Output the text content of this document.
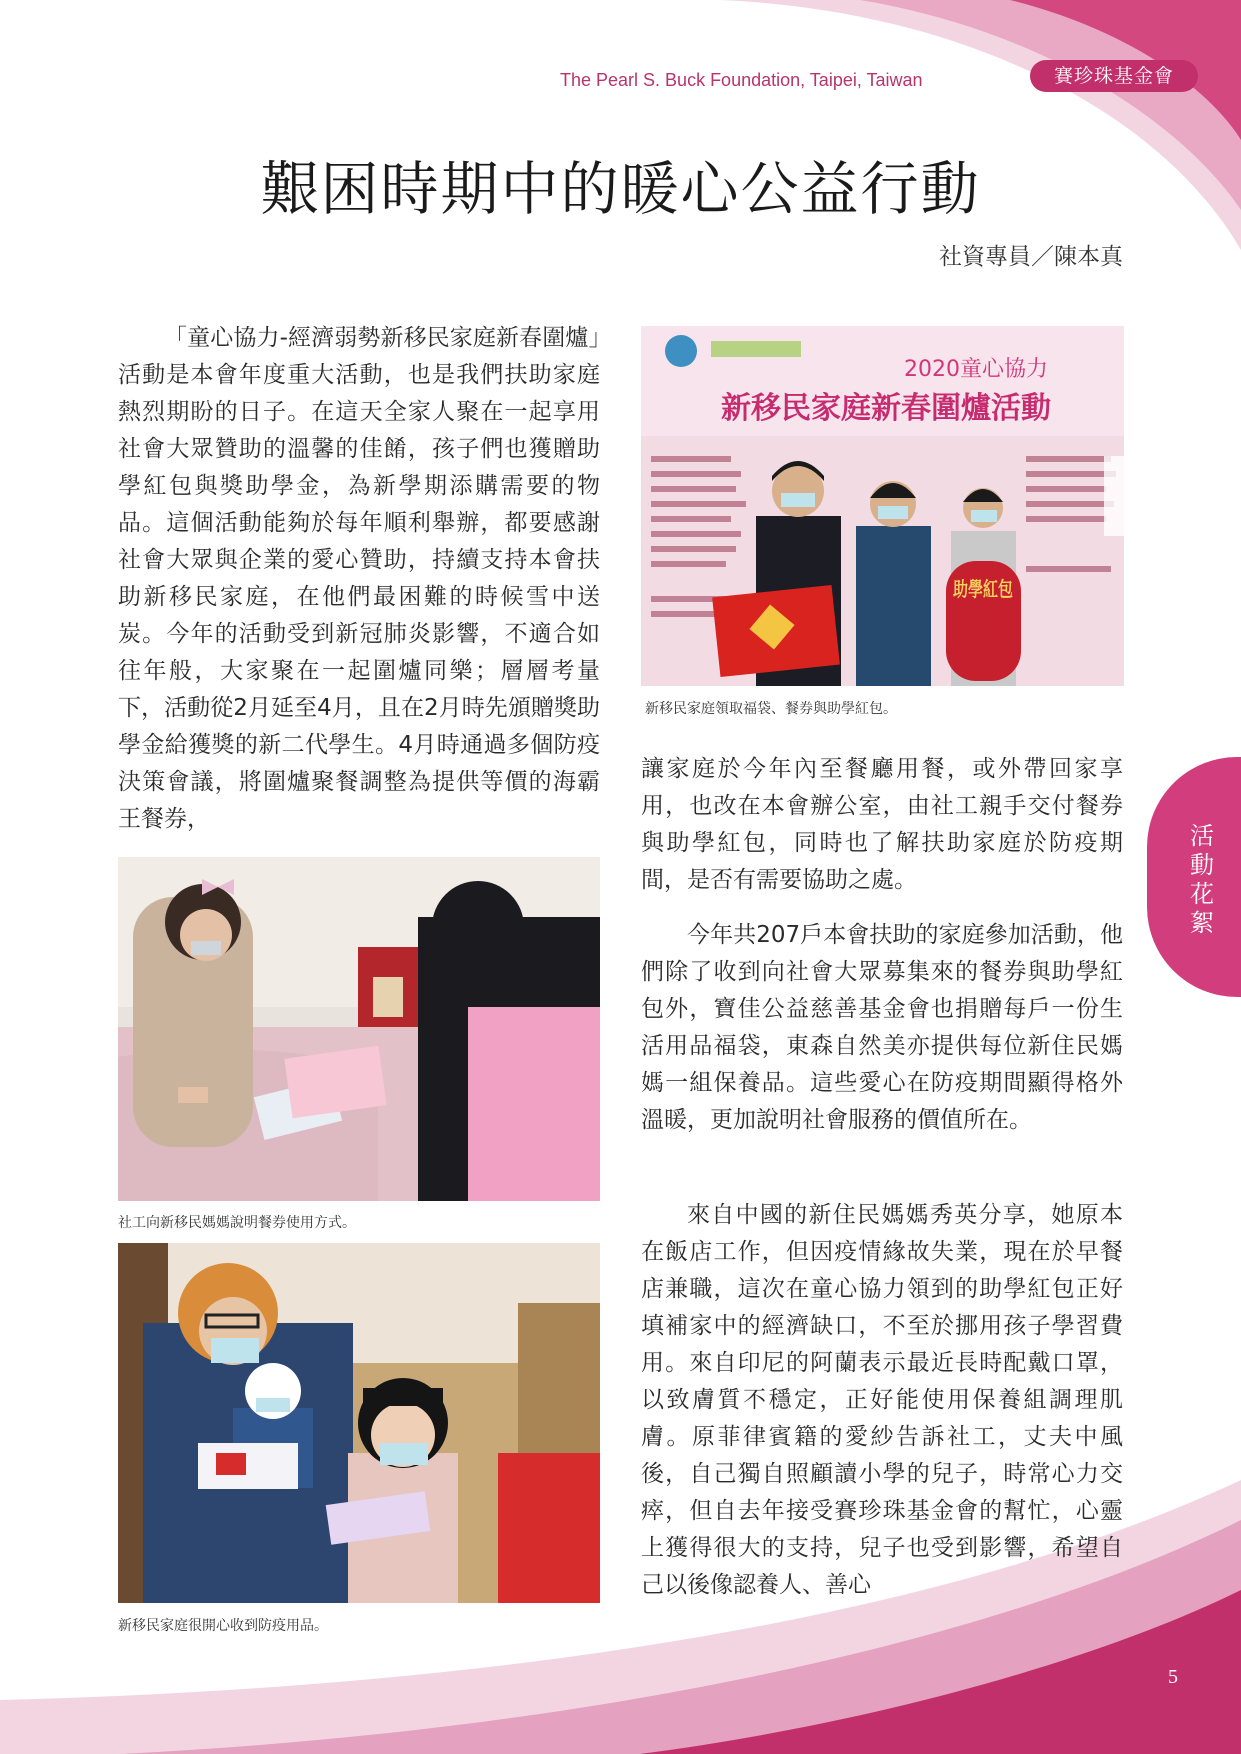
The Pearl S. Buck Foundation, Taipei, Taiwan	賽珍珠基金會
艱困時期中的暖心公益行動
社資專員／陳本真

「童心協力-經濟弱勢新移民家庭新春圍爐」活動是本會年度重大活動，也是我們扶助家庭熱烈期盼的日子。在這天全家人聚在一起享用社會大眾贊助的溫馨的佳餚，孩子們也獲贈助學紅包與獎助學金，為新學期添購需要的物品。這個活動能夠於每年順利舉辦，都要感謝社會大眾與企業的愛心贊助，持續支持本會扶助新移民家庭，在他們最困難的時候雪中送炭。今年的活動受到新冠肺炎影響，不適合如往年般，大家聚在一起圍爐同樂；層層考量下，活動從2月延至4月，且在2月時先頒贈獎助學金給獲獎的新二代學生。4月時通過多個防疫決策會議，將圍爐聚餐調整為提供等價的海霸王餐券，

2020童心協力
新移民家庭新春圍爐活動
助學紅包
新移民家庭領取福袋、餐券與助學紅包。

讓家庭於今年內至餐廳用餐，或外帶回家享用，也改在本會辦公室，由社工親手交付餐券與助學紅包，同時也了解扶助家庭於防疫期間，是否有需要協助之處。

今年共207戶本會扶助的家庭參加活動，他們除了收到向社會大眾募集來的餐券與助學紅包外，寶佳公益慈善基金會也捐贈每戶一份生活用品福袋，東森自然美亦提供每位新住民媽媽一組保養品。這些愛心在防疫期間顯得格外溫暖，更加說明社會服務的價值所在。

來自中國的新住民媽媽秀英分享，她原本在飯店工作，但因疫情緣故失業，現在於早餐店兼職，這次在童心協力領到的助學紅包正好填補家中的經濟缺口，不至於挪用孩子學習費用。來自印尼的阿蘭表示最近長時配戴口罩，以致膚質不穩定，正好能使用保養組調理肌膚。原菲律賓籍的愛紗告訴社工，丈夫中風後，自己獨自照顧讀小學的兒子，時常心力交瘁，但自去年接受賽珍珠基金會的幫忙，心靈上獲得很大的支持，兒子也受到影響，希望自己以後像認養人、善心

社工向新移民媽媽說明餐券使用方式。
新移民家庭很開心收到防疫用品。
活動花絮
5
